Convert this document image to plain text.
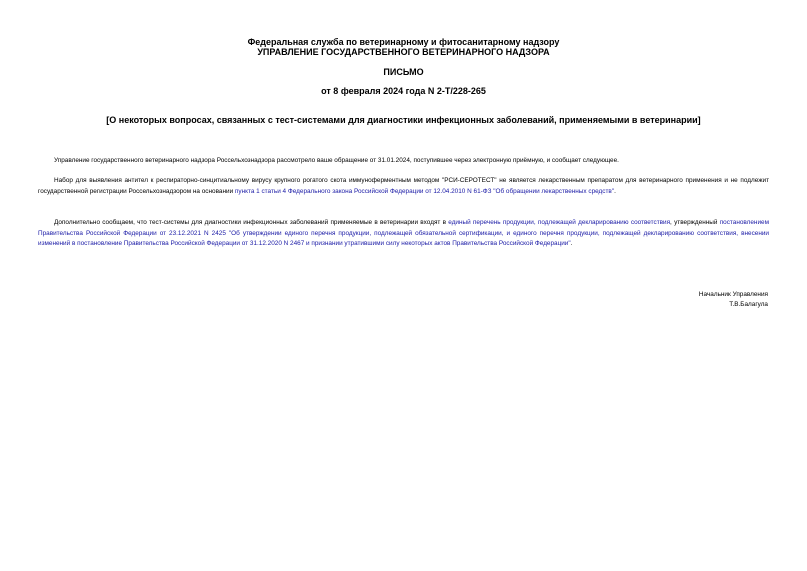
Федеральная служба по ветеринарному и фитосанитарному надзору
УПРАВЛЕНИЕ ГОСУДАРСТВЕННОГО ВЕТЕРИНАРНОГО НАДЗОРА
ПИСЬМО
от 8 февраля 2024 года N 2-Т/228-265
[О некоторых вопросах, связанных с тест-системами для диагностики инфекционных заболеваний, применяемыми в ветеринарии]

Управление государственного ветеринарного надзора Россельхознадзора рассмотрело ваше обращение от 31.01.2024, поступившее через электронную приёмную, и сообщает следующее.

Набор для выявления антител к респираторно-синцитиальному вирусу крупного рогатого скота иммуноферментным методом "РСИ-СЕРОТЕСТ" не является лекарственным препаратом для ветеринарного применения и не подлежит государственной регистрации Россельхознадзором на основании пункта 1 статьи 4 Федерального закона Российской Федерации от 12.04.2010 N 61-ФЗ "Об обращении лекарственных средств".

Дополнительно сообщаем, что тест-системы для диагностики инфекционных заболеваний применяемые в ветеринарии входят в единый перечень продукции, подлежащей декларированию соответствия, утвержденный постановлением Правительства Российской Федерации от 23.12.2021 N 2425 "Об утверждении единого перечня продукции, подлежащей обязательной сертификации, и единого перечня продукции, подлежащей декларированию соответствия, внесении изменений в постановление Правительства Российской Федерации от 31.12.2020 N 2467 и признании утратившими силу некоторых актов Правительства Российской Федерации".

Начальник Управления
Т.В.Балагула
